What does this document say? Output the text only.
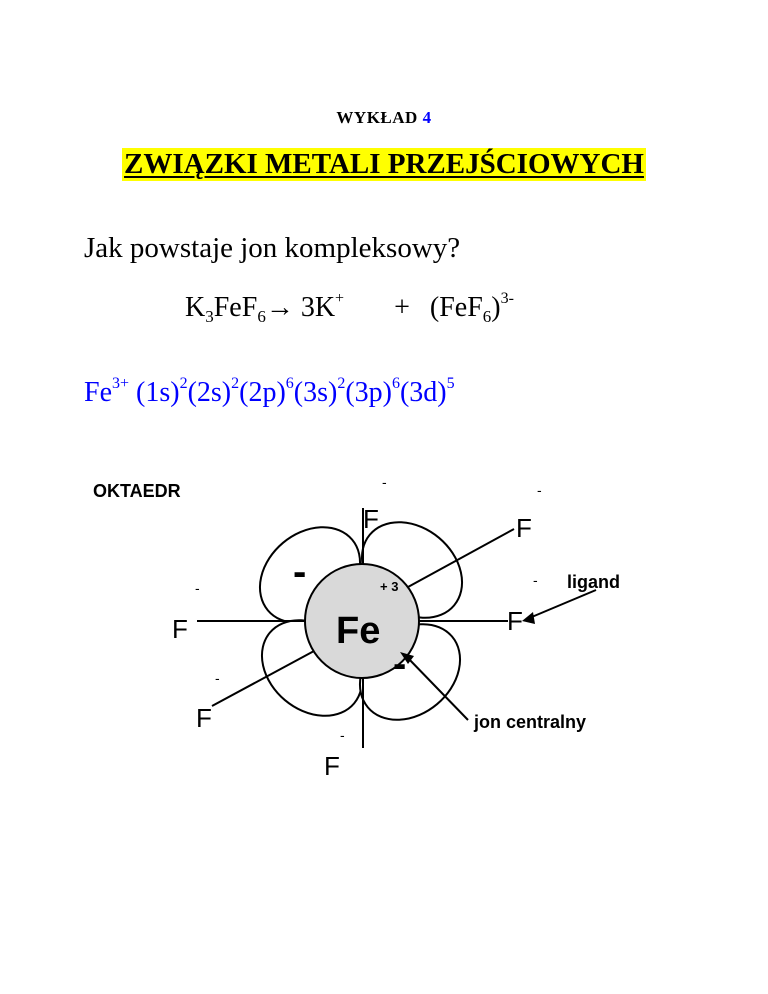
WYKŁAD 4
ZWIĄZKI METALI PRZEJŚCIOWYCH
Jak powstaje jon kompleksowy?
$K_3FeF_6\to 3K^+ + (FeF_6)^{3-}$
$Fe^{3+}$ $(1s)^2(2s)^2(2p)^6(3s)^2(3p)^6(3d)^5$
OKTAEDR
Fe
+ 3
F	F
F	F
F
F
-	-
-	-
-
-
-
-
ligand
jon centralny
